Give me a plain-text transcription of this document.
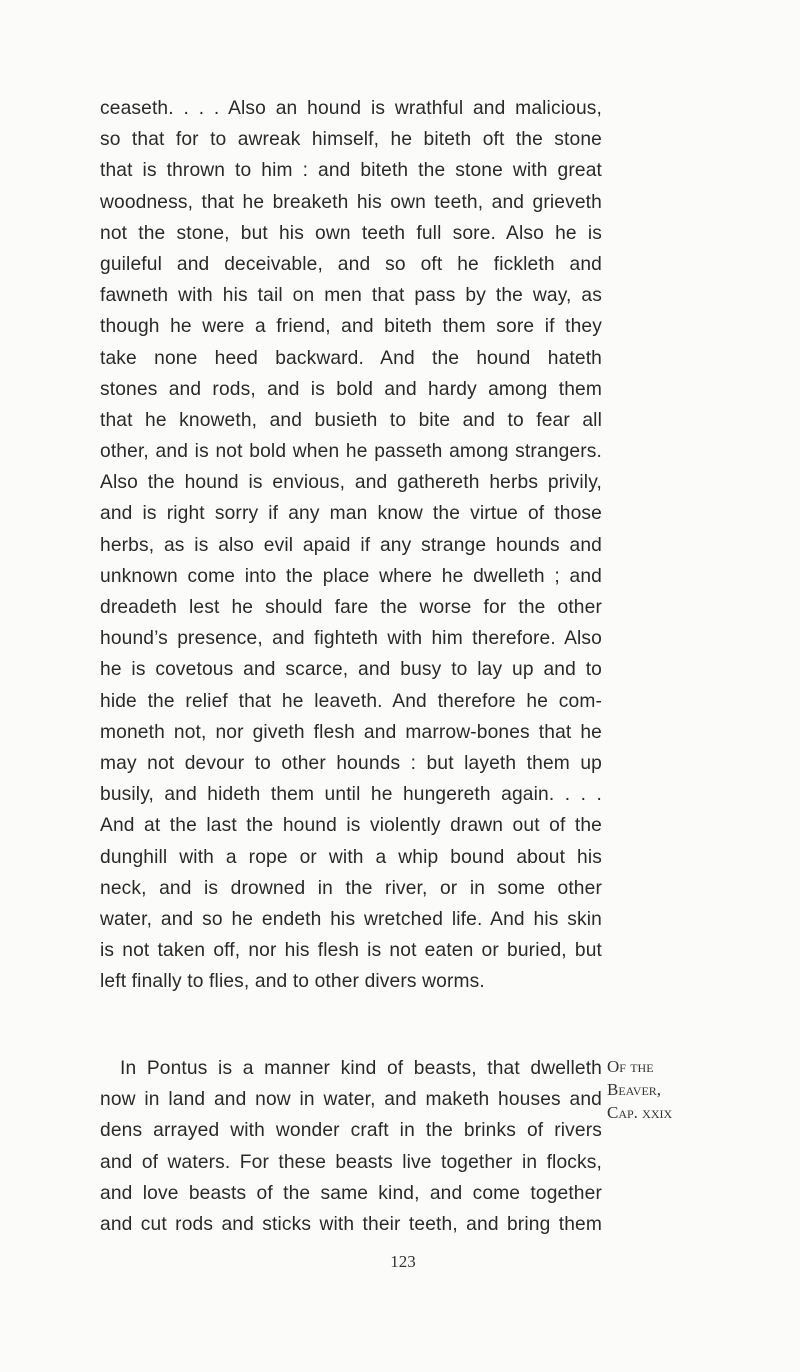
ceaseth. . . . Also an hound is wrathful and malicious,
so that for to awreak himself, he biteth oft the stone
that is thrown to him : and biteth the stone with great
woodness, that he breaketh his own teeth, and grieveth
not the stone, but his own teeth full sore. Also he is
guileful and deceivable, and so oft he fickleth and
fawneth with his tail on men that pass by the way, as
though he were a friend, and biteth them sore if they
take none heed backward. And the hound hateth
stones and rods, and is bold and hardy among them
that he knoweth, and busieth to bite and to fear all
other, and is not bold when he passeth among strangers.
Also the hound is envious, and gathereth herbs privily,
and is right sorry if any man know the virtue of those
herbs, as is also evil apaid if any strange hounds and
unknown come into the place where he dwelleth ; and
dreadeth lest he should fare the worse for the other
hound’s presence, and fighteth with him therefore. Also
he is covetous and scarce, and busy to lay up and to
hide the relief that he leaveth. And therefore he com-
moneth not, nor giveth flesh and marrow-bones that he
may not devour to other hounds : but layeth them up
busily, and hideth them until he hungereth again. . . .
And at the last the hound is violently drawn out of the
dunghill with a rope or with a whip bound about his
neck, and is drowned in the river, or in some other
water, and so he endeth his wretched life. And his skin
is not taken off, nor his flesh is not eaten or buried, but
left finally to flies, and to other divers worms.
In Pontus is a manner kind of beasts, that dwelleth
now in land and now in water, and maketh houses and
dens arrayed with wonder craft in the brinks of rivers
and of waters. For these beasts live together in flocks,
and love beasts of the same kind, and come together
and cut rods and sticks with their teeth, and bring them
Of the
Beaver,
Cap. xxix
123
